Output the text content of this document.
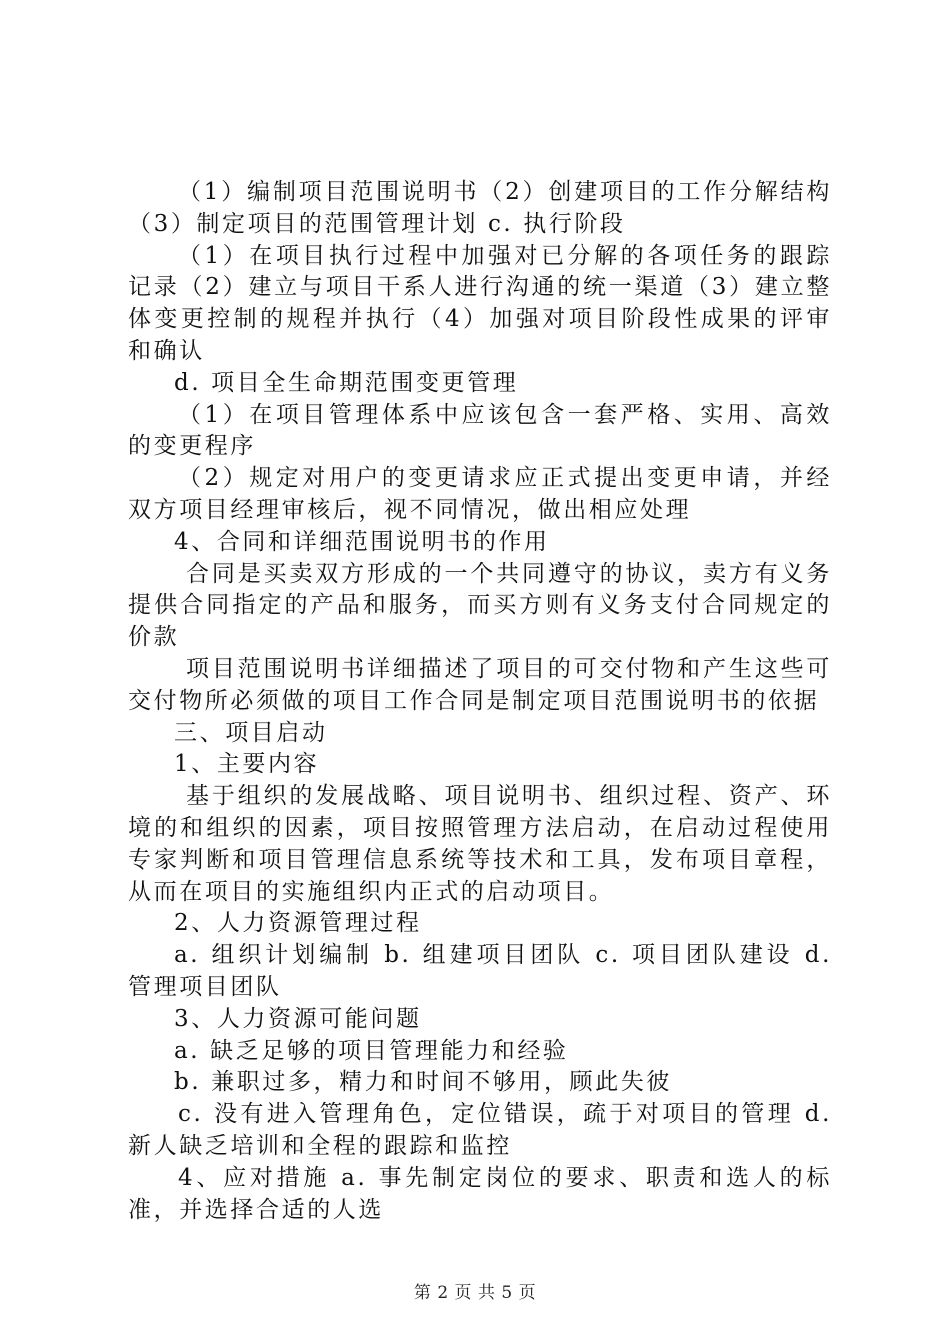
（1）编制项目范围说明书（2）创建项目的工作分解结构（3）制定项目的范围管理计划 c. 执行阶段

（1）在项目执行过程中加强对已分解的各项任务的跟踪记录（2）建立与项目干系人进行沟通的统一渠道（3）建立整体变更控制的规程并执行（4）加强对项目阶段性成果的评审和确认

d. 项目全生命期范围变更管理

（1）在项目管理体系中应该包含一套严格、实用、高效的变更程序

（2）规定对用户的变更请求应正式提出变更申请，并经双方项目经理审核后，视不同情况，做出相应处理

4、合同和详细范围说明书的作用

合同是买卖双方形成的一个共同遵守的协议，卖方有义务提供合同指定的产品和服务，而买方则有义务支付合同规定的价款

项目范围说明书详细描述了项目的可交付物和产生这些可交付物所必须做的项目工作合同是制定项目范围说明书的依据

三、项目启动

1、主要内容

基于组织的发展战略、项目说明书、组织过程、资产、环境的和组织的因素，项目按照管理方法启动，在启动过程使用专家判断和项目管理信息系统等技术和工具，发布项目章程，从而在项目的实施组织内正式的启动项目。

2、人力资源管理过程

a. 组织计划编制 b. 组建项目团队 c. 项目团队建设 d. 管理项目团队

3、人力资源可能问题

a. 缺乏足够的项目管理能力和经验

b. 兼职过多，精力和时间不够用，顾此失彼

c. 没有进入管理角色，定位错误，疏于对项目的管理 d. 新人缺乏培训和全程的跟踪和监控

4、应对措施 a. 事先制定岗位的要求、职责和选人的标准，并选择合适的人选

第 2 页 共 5 页
